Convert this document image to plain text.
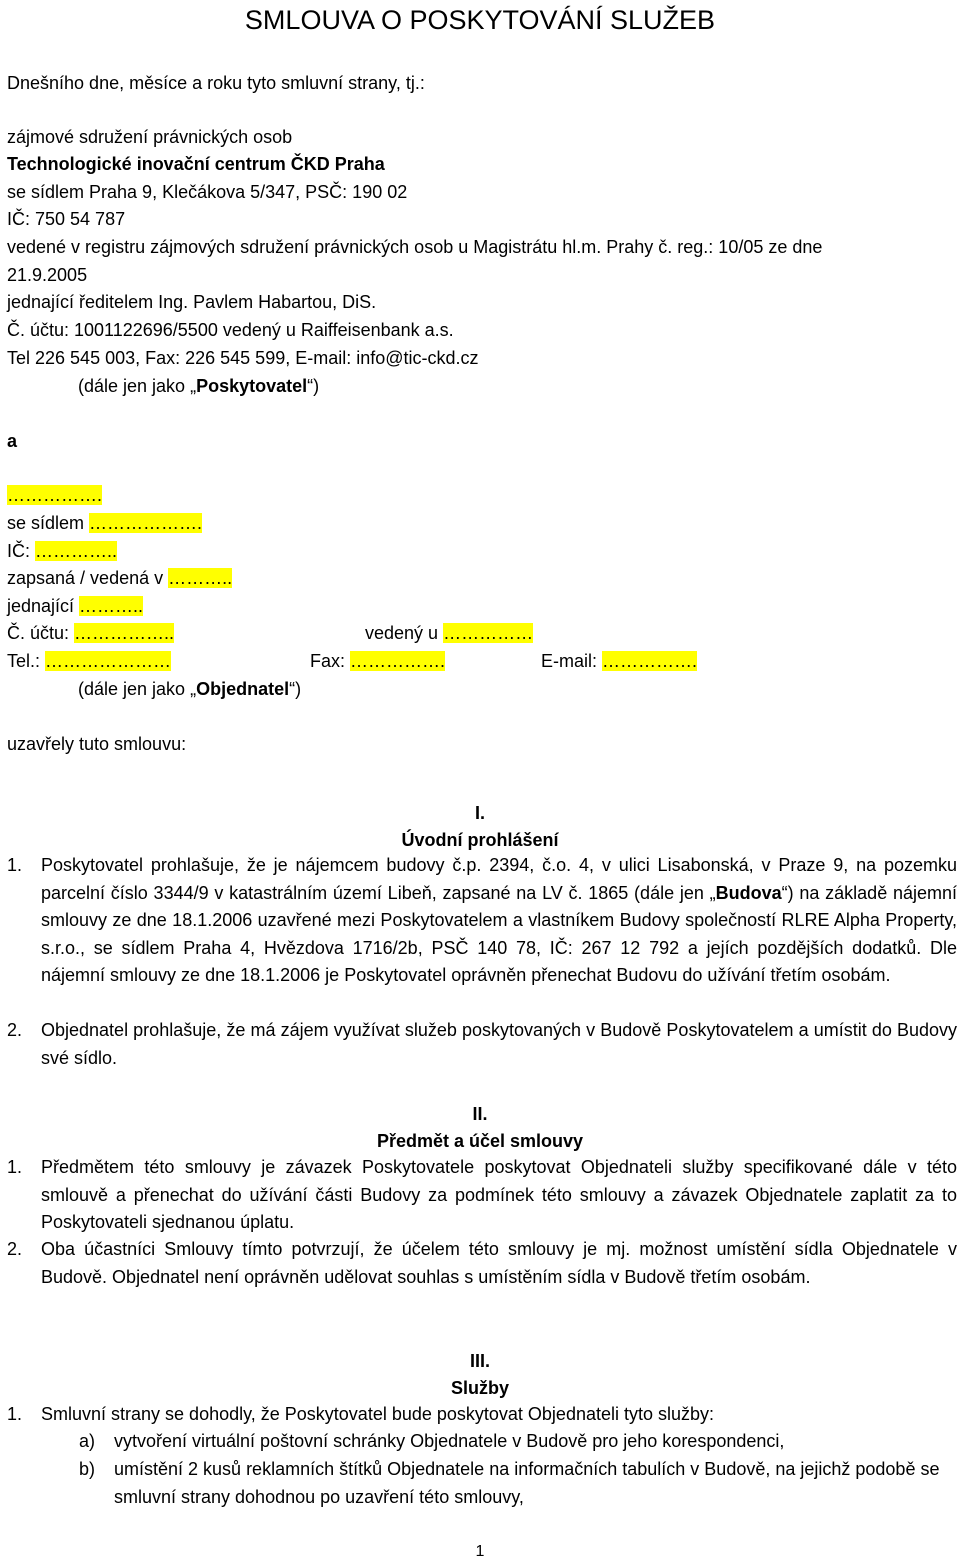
SMLOUVA O POSKYTOVÁNÍ SLUŽEB
Dnešního dne, měsíce a roku tyto smluvní strany, tj.:
zájmové sdružení právnických osob
Technologické inovační centrum ČKD Praha
se sídlem Praha 9, Klečákova 5/347, PSČ: 190 02
IČ: 750 54 787
vedené v registru zájmových sdružení právnických osob u Magistrátu hl.m. Prahy č. reg.: 10/05 ze dne
21.9.2005
jednající ředitelem Ing. Pavlem Habartou, DiS.
Č. účtu: 1001122696/5500 vedený u Raiffeisenbank a.s.
Tel 226 545 003, Fax: 226 545 599, E-mail: info@tic-ckd.cz
(dále jen jako „Poskytovatel“)
a
…………….
se sídlem ……………….
IČ: …………..
zapsaná / vedená v ………..
jednající ………..
Č. účtu: ……………..	vedený u ……………
Tel.: …………………	Fax: …………….	E-mail: …………….
(dále jen jako „Objednatel“)
uzavřely tuto smlouvu:
I.
Úvodní prohlášení
1. Poskytovatel prohlašuje, že je nájemcem budovy č.p. 2394, č.o. 4, v ulici Lisabonská, v Praze 9, na pozemku parcelní číslo 3344/9 v katastrálním území Libeň, zapsané na LV č. 1865 (dále jen „Budova“) na základě nájemní smlouvy ze dne 18.1.2006 uzavřené mezi Poskytovatelem a vlastníkem Budovy společností RLRE Alpha Property, s.r.o., se sídlem Praha 4, Hvězdova 1716/2b, PSČ 140 78, IČ: 267 12 792 a jejích pozdějších dodatků. Dle nájemní smlouvy ze dne 18.1.2006 je Poskytovatel oprávněn přenechat Budovu do užívání třetím osobám.
2. Objednatel prohlašuje, že má zájem využívat služeb poskytovaných v Budově Poskytovatelem a umístit do Budovy své sídlo.
II.
Předmět a účel smlouvy
1. Předmětem této smlouvy je závazek Poskytovatele poskytovat Objednateli služby specifikované dále v této smlouvě a přenechat do užívání části Budovy za podmínek této smlouvy a závazek Objednatele zaplatit za to Poskytovateli sjednanou úplatu.
2. Oba účastníci Smlouvy tímto potvrzují, že účelem této smlouvy je mj. možnost umístění sídla Objednatele v Budově. Objednatel není oprávněn udělovat souhlas s umístěním sídla v Budově třetím osobám.
III.
Služby
1. Smluvní strany se dohodly, že Poskytovatel bude poskytovat Objednateli tyto služby:
a) vytvoření virtuální poštovní schránky Objednatele v Budově pro jeho korespondenci,
b) umístění 2 kusů reklamních štítků Objednatele na informačních tabulích v Budově, na jejichž podobě se smluvní strany dohodnou po uzavření této smlouvy,
1
